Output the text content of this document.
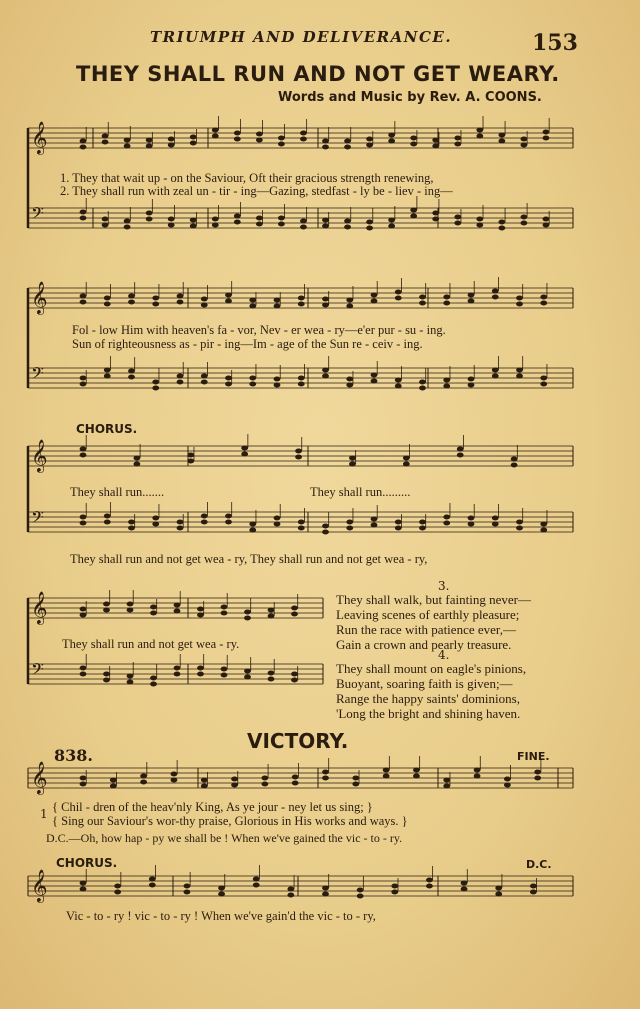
TRIUMPH AND DELIVERANCE.	153
THEY SHALL RUN AND NOT GET WEARY.
Words and Music by Rev. A. COONS.
𝄞
𝄢
1. They that wait up - on the Saviour, Oft their gracious strength renewing,
2. They shall run with zeal un - tir - ing—Gazing, stedfast - ly be - liev - ing—
𝄞
𝄢
Fol - low Him with heaven's fa - vor, Nev - er wea - ry—e'er pur - su - ing.
Sun of righteousness as - pir - ing—Im - age of the Sun re - ceiv - ing.
CHORUS.
𝄞
𝄢
They shall run.......	They shall run.........
They shall run and not get wea - ry, They shall run and not get wea - ry,
𝄞
𝄢
They shall run and not get wea - ry.
3.
They shall walk, but fainting never—
Leaving scenes of earthly pleasure;
Run the race with patience ever,—
Gain a crown and pearly treasure.
4.
They shall mount on eagle's pinions,
Buoyant, soaring faith is given;—
Range the happy saints' dominions,
'Long the bright and shining haven.
838.
VICTORY.
FINE.
𝄞
1 { Chil - dren of the heav'nly King, As ye jour - ney let us sing; }
{ Sing our Saviour's wor-thy praise, Glorious in His works and ways. }
D.C.—Oh, how hap - py we shall be ! When we've gained the vic - to - ry.
CHORUS.	D.C.
𝄞
Vic - to - ry ! vic - to - ry ! When we've gain'd the vic - to - ry,
